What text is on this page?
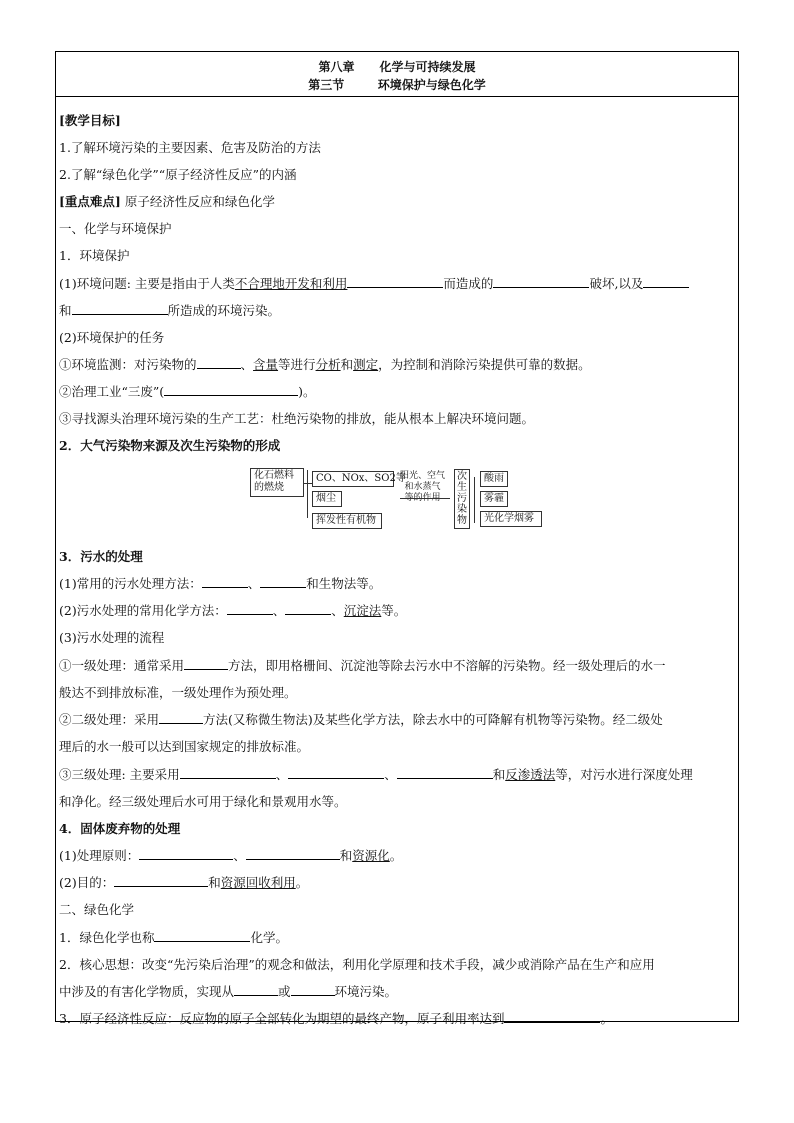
第八章      化学与可持续发展
第三节        环境保护与绿色化学
[教学目标]
1.了解环境污染的主要因素、危害及防治的方法
2.了解“绿色化学”“原子经济性反应”的内涵
[重点难点] 原子经济性反应和绿色化学
一、化学与环境保护
1．环境保护
(1)环境问题: 主要是指由于人类不合理地开发和利用	而造成的	破坏,以及
和	所造成的环境污染。
(2)环境保护的任务
①环境监测：对污染物的	、含量等进行分析和测定，为控制和消除污染提供可靠的数据。
②治理工业“三废”(	)。
③寻找源头治理环境污染的生产工艺：杜绝污染物的排放，能从根本上解决环境问题。
2．大气污染物来源及次生污染物的形成
化石燃料
的燃烧
CO、NOx、SO2等
烟尘
挥发性有机物
阳光、空气
和水蒸气
等的作用
次
生
污
染
物
酸雨
雾霾
光化学烟雾
3．污水的处理
(1)常用的污水处理方法：	、	和生物法等。
(2)污水处理的常用化学方法：	、	、沉淀法等。
(3)污水处理的流程
①一级处理：通常采用	方法，即用格栅间、沉淀池等除去污水中不溶解的污染物。经一级处理后的水一
般达不到排放标准，一级处理作为预处理。
②二级处理：采用	方法(又称微生物法)及某些化学方法，除去水中的可降解有机物等污染物。经二级处
理后的水一般可以达到国家规定的排放标准。
③三级处理: 主要采用	、	、	和反渗透法等，对污水进行深度处理
和净化。经三级处理后水可用于绿化和景观用水等。
4．固体废弃物的处理
(1)处理原则：	、	和资源化。
(2)目的：	和资源回收利用。
二、绿色化学
1．绿色化学也称	化学。
2．核心思想：改变“先污染后治理”的观念和做法，利用化学原理和技术手段，减少或消除产品在生产和应用
中涉及的有害化学物质，实现从	或	环境污染。
3．原子经济性反应：反应物的原子全部转化为期望的最终产物，原子利用率达到	。
